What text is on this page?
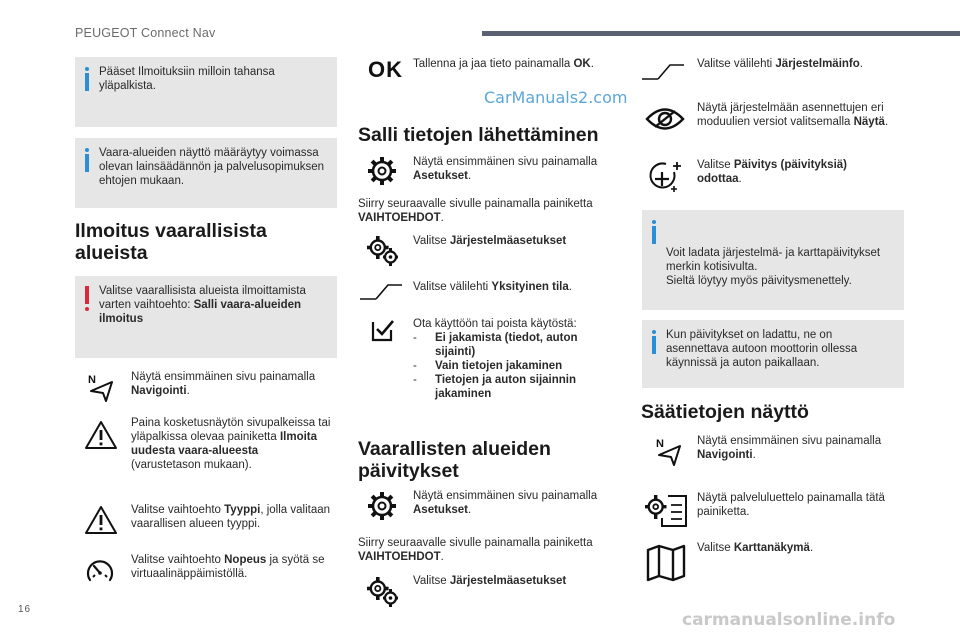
PEUGEOT Connect Nav
16
CarManuals2.com
carmanualsonline.info
Pääset Ilmoituksiin milloin tahansa yläpalkista.
Vaara-alueiden näyttö määräytyy voimassa olevan lainsäädännön ja palvelusopimuksen ehtojen mukaan.
Ilmoitus vaarallisista alueista
Valitse vaarallisista alueista ilmoittamista varten vaihtoehto: Salli vaara-alueiden ilmoitus
N	Näytä ensimmäinen sivu painamalla Navigointi.
Paina kosketusnäytön sivupalkeissa tai yläpalkissa olevaa painiketta Ilmoita uudesta vaara-alueesta (varustetason mukaan).
Valitse vaihtoehto Tyyppi, jolla valitaan vaarallisen alueen tyyppi.
Valitse vaihtoehto Nopeus ja syötä se virtuaalinäppäimistöllä.
OK Tallenna ja jaa tieto painamalla OK.
Salli tietojen lähettäminen
Näytä ensimmäinen sivu painamalla Asetukset.
Siirry seuraavalle sivulle painamalla painiketta VAIHTOEHDOT.
Valitse Järjestelmäasetukset
Valitse välilehti Yksityinen tila.
Ota käyttöön tai poista käytöstä:
- Ei jakamista (tiedot, auton sijainti)
- Vain tietojen jakaminen
- Tietojen ja auton sijainnin jakaminen
Vaarallisten alueiden päivitykset
Näytä ensimmäinen sivu painamalla Asetukset.
Siirry seuraavalle sivulle painamalla painiketta VAIHTOEHDOT.
Valitse Järjestelmäasetukset
Valitse välilehti Järjestelmäinfo.
Näytä järjestelmään asennettujen eri moduulien versiot valitsemalla Näytä.
Valitse Päivitys (päivityksiä) odottaa.

Voit ladata järjestelmä- ja karttapäivitykset merkin kotisivulta.
Sieltä löytyy myös päivitysmenettely.

Kun päivitykset on ladattu, ne on asennettava autoon moottorin ollessa käynnissä ja auton paikallaan.
Säätietojen näyttö
N	Näytä ensimmäinen sivu painamalla Navigointi.
Näytä palveluluettelo painamalla tätä painiketta.
Valitse Karttanäkymä.
